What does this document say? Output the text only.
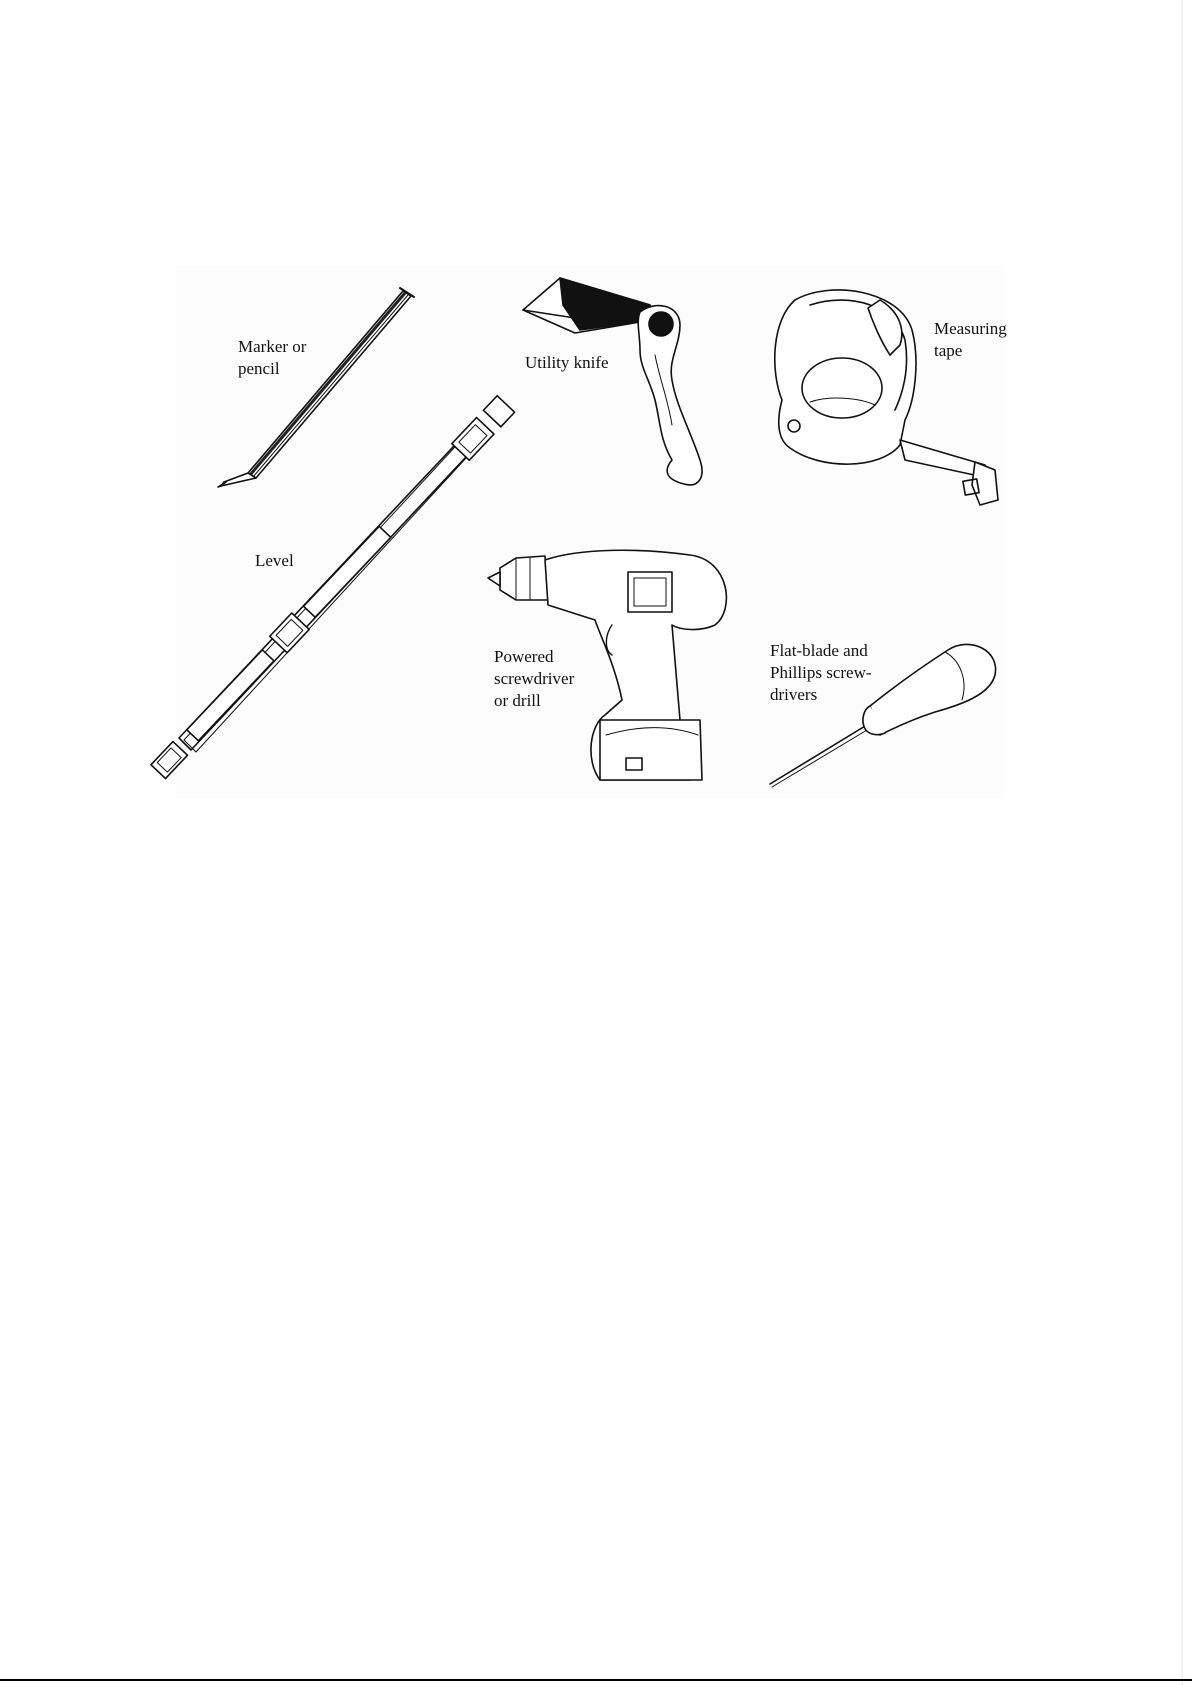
Marker or
pencil	Utility knife
Measuring
tape
Level
Powered
screwdriver
or drill
Flat-blade and
Phillips screw-
drivers
